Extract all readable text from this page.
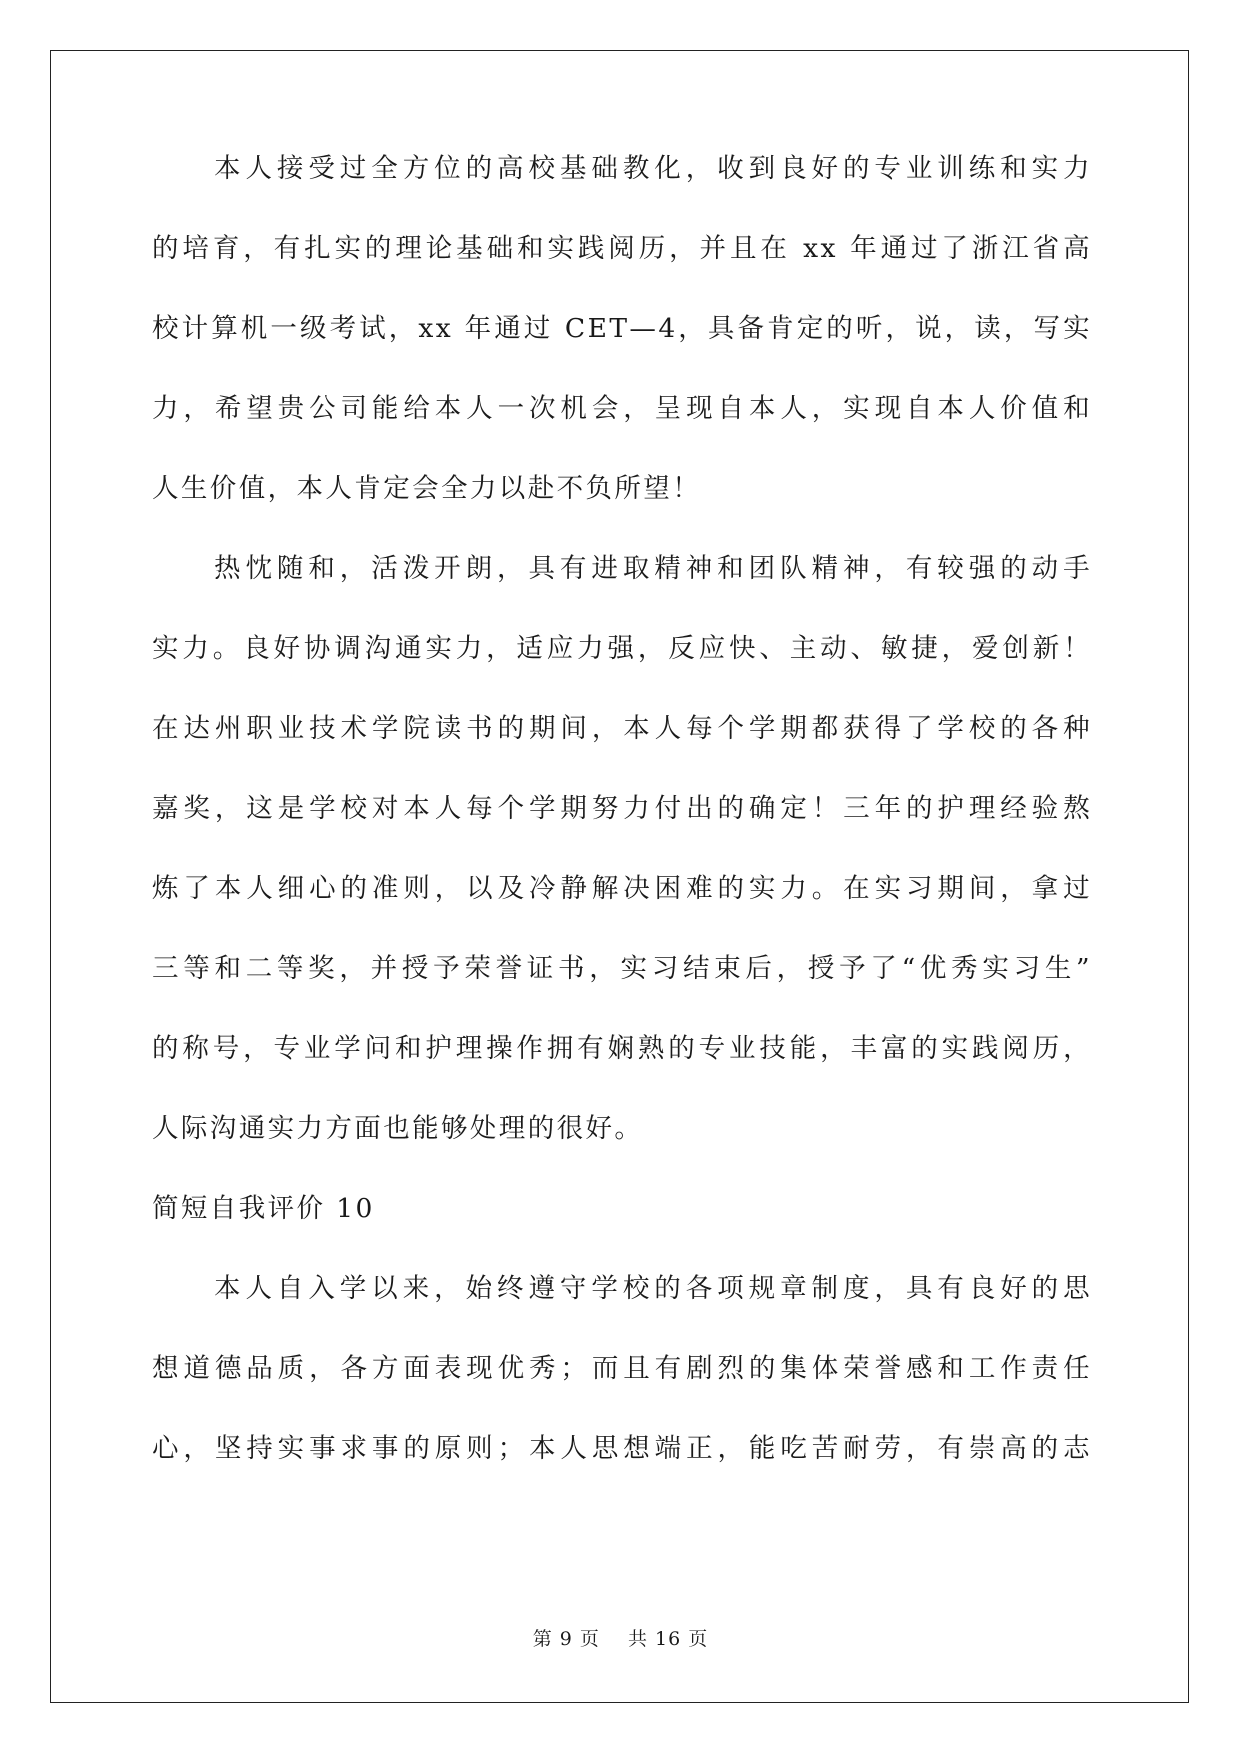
本人接受过全方位的高校基础教化，收到良好的专业训练和实力
的培育，有扎实的理论基础和实践阅历，并且在 xx 年通过了浙江省高
校计算机一级考试，xx 年通过 CET—4，具备肯定的听，说，读，写实
力，希望贵公司能给本人一次机会，呈现自本人，实现自本人价值和
人生价值，本人肯定会全力以赴不负所望！
热忱随和，活泼开朗，具有进取精神和团队精神，有较强的动手
实力。良好协调沟通实力，适应力强，反应快、主动、敏捷，爱创新！
在达州职业技术学院读书的期间，本人每个学期都获得了学校的各种
嘉奖，这是学校对本人每个学期努力付出的确定！三年的护理经验熬
炼了本人细心的准则，以及冷静解决困难的实力。在实习期间，拿过
三等和二等奖，并授予荣誉证书，实习结束后，授予了“优秀实习生”
的称号，专业学问和护理操作拥有娴熟的专业技能，丰富的实践阅历，
人际沟通实力方面也能够处理的很好。
简短自我评价 10
本人自入学以来，始终遵守学校的各项规章制度，具有良好的思
想道德品质，各方面表现优秀；而且有剧烈的集体荣誉感和工作责任
心，坚持实事求事的原则；本人思想端正，能吃苦耐劳，有崇高的志
第 9 页 共 16 页
